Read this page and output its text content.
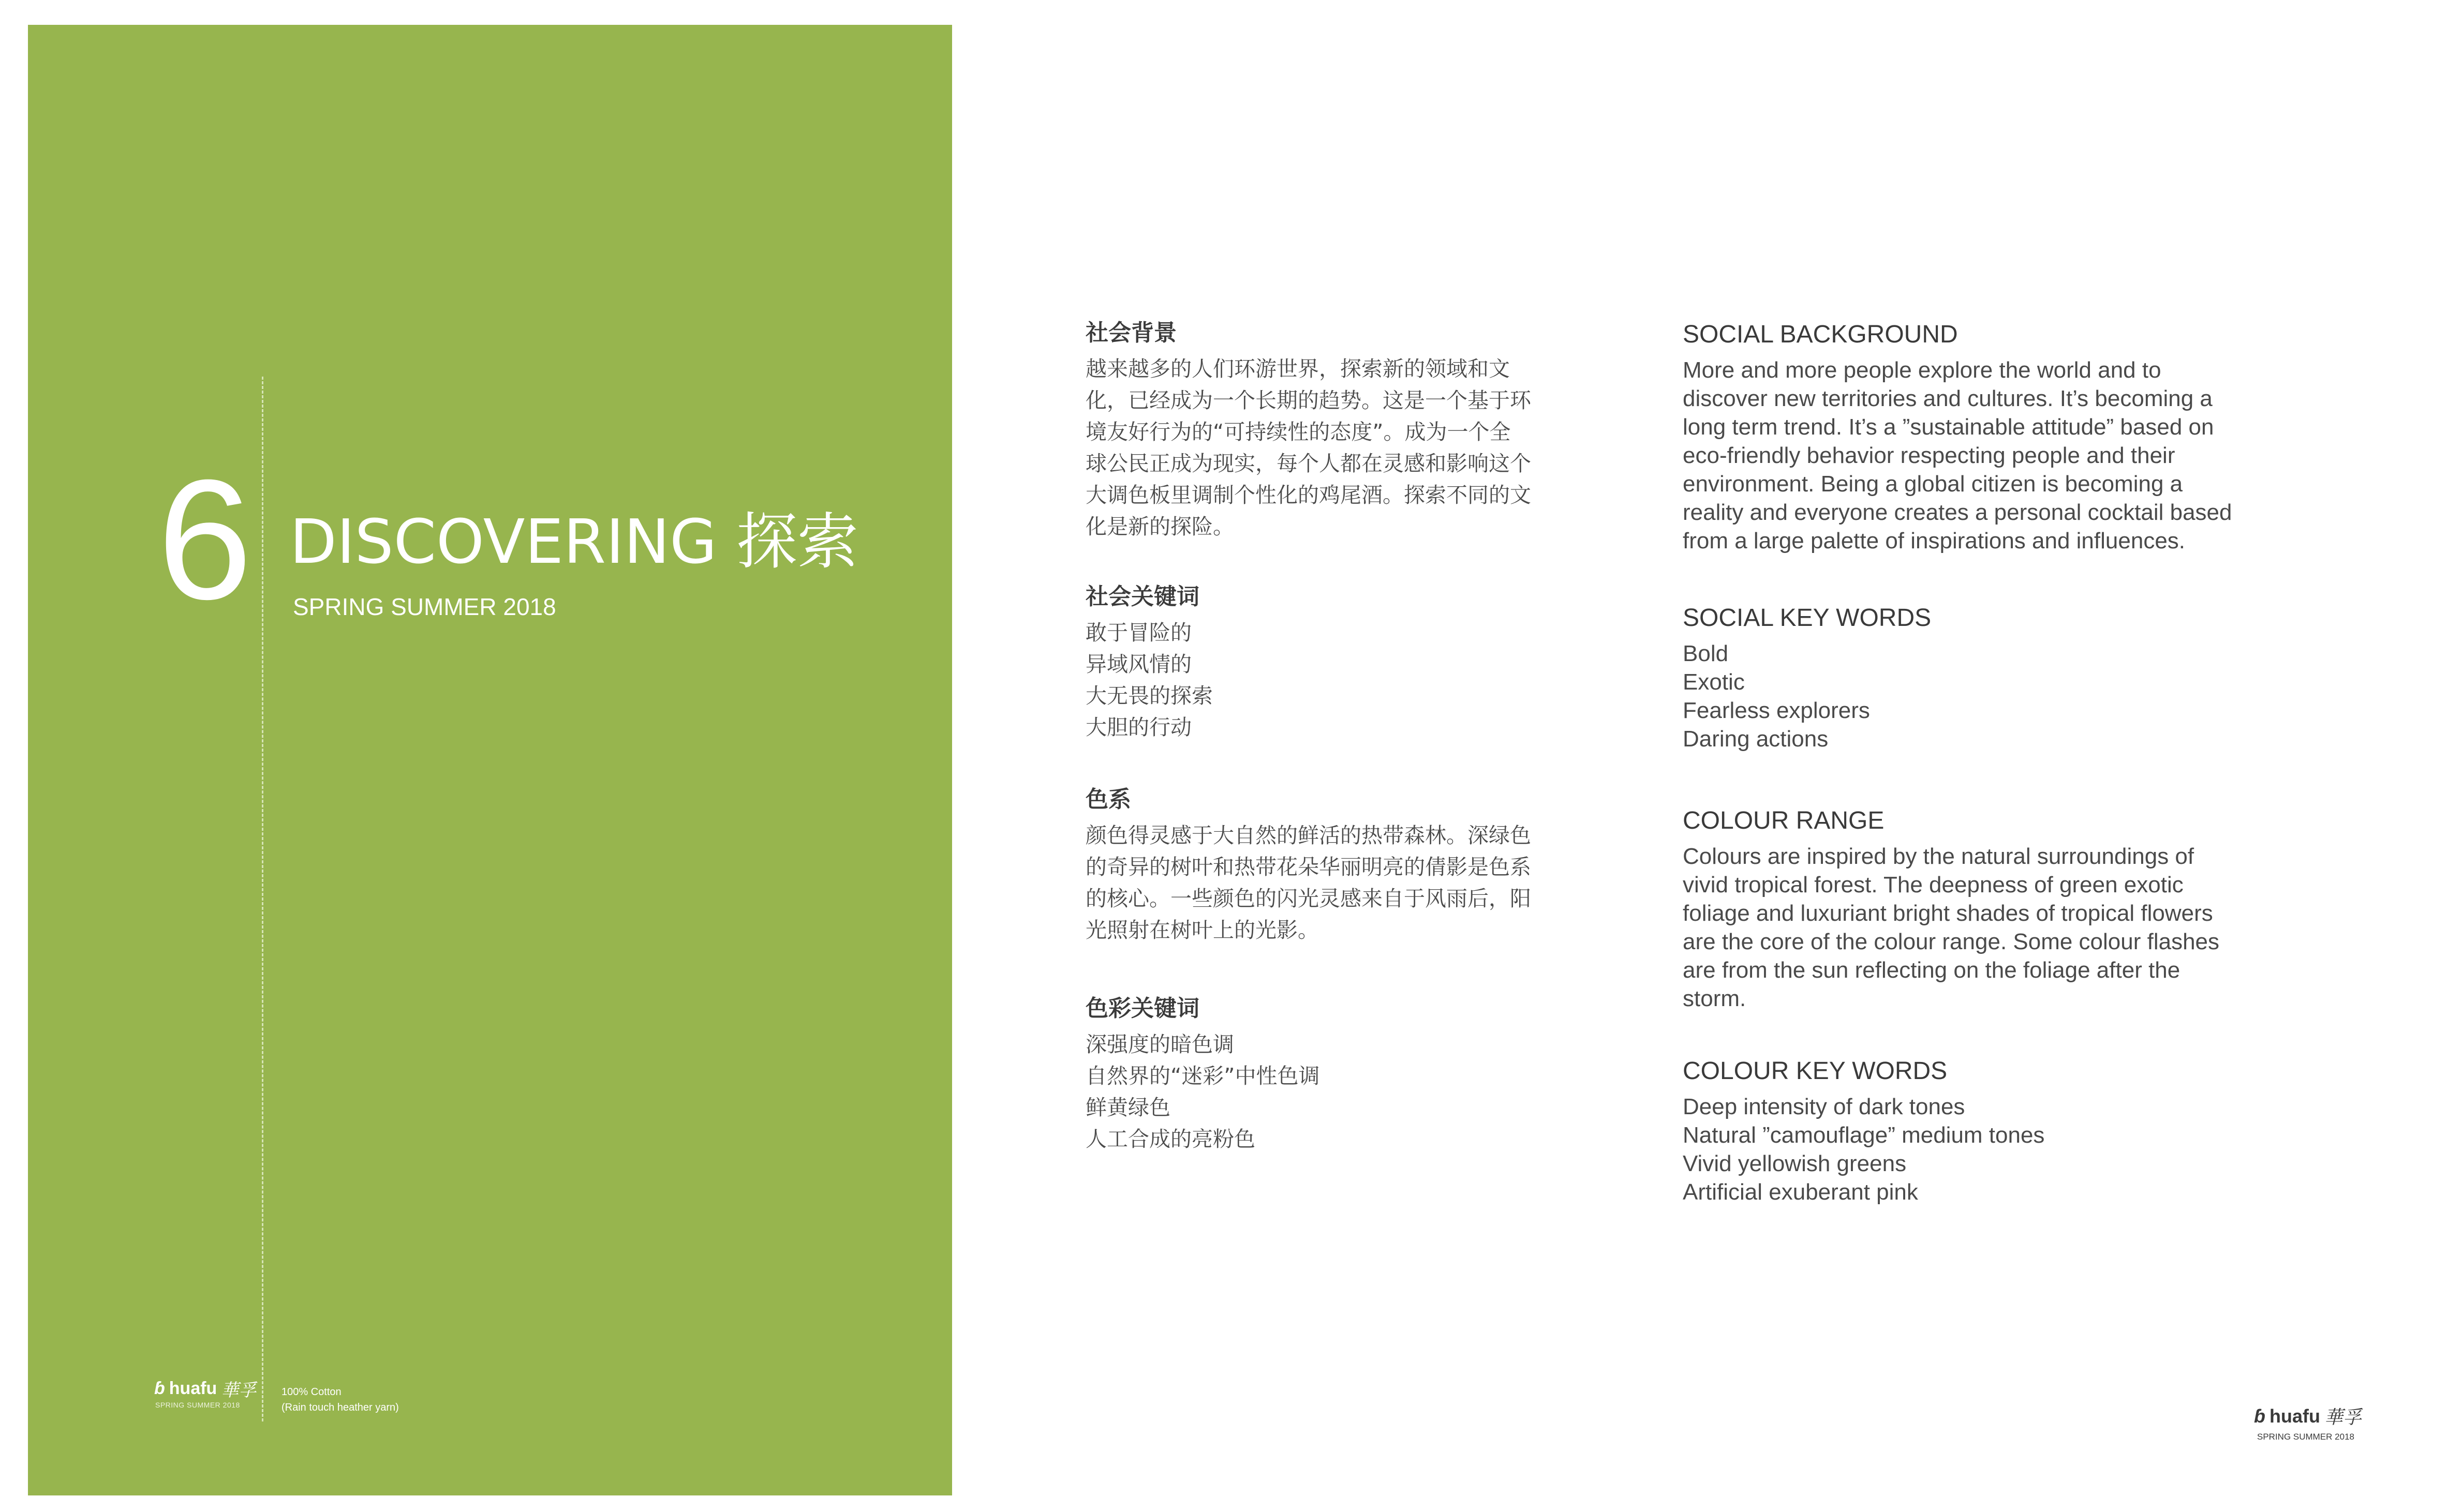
6 DISCOVERING 探索
SPRING SUMMER 2018
ɓ huafu 華孚
SPRING SUMMER 2018
100% Cotton
(Rain touch heather yarn)
社会背景
越来越多的人们环游世界，探索新的领域和文
化，已经成为一个长期的趋势。这是一个基于环
境友好行为的“可持续性的态度”。成为一个全
球公民正成为现实，每个人都在灵感和影响这个
大调色板里调制个性化的鸡尾酒。探索不同的文
化是新的探险。
社会关键词
敢于冒险的
异域风情的
大无畏的探索
大胆的行动
色系
颜色得灵感于大自然的鲜活的热带森林。深绿色
的奇异的树叶和热带花朵华丽明亮的倩影是色系
的核心。一些颜色的闪光灵感来自于风雨后，阳
光照射在树叶上的光影。
色彩关键词
深强度的暗色调
自然界的“迷彩”中性色调
鲜黄绿色
人工合成的亮粉色
SOCIAL BACKGROUND
More and more people explore the world and to
discover new territories and cultures. It’s becoming a
long term trend. It’s a ”sustainable attitude” based on
eco-friendly behavior respecting people and their
environment. Being a global citizen is becoming a
reality and everyone creates a personal cocktail based
from a large palette of inspirations and influences.
SOCIAL KEY WORDS
Bold
Exotic
Fearless explorers
Daring actions
COLOUR RANGE
Colours are inspired by the natural surroundings of
vivid tropical forest. The deepness of green exotic
foliage and luxuriant bright shades of tropical flowers
are the core of the colour range. Some colour flashes
are from the sun reflecting on the foliage after the
storm.
COLOUR KEY WORDS
Deep intensity of dark tones
Natural ”camouflage” medium tones
Vivid yellowish greens
Artificial exuberant pink
ɓ huafu 華孚
SPRING SUMMER 2018
